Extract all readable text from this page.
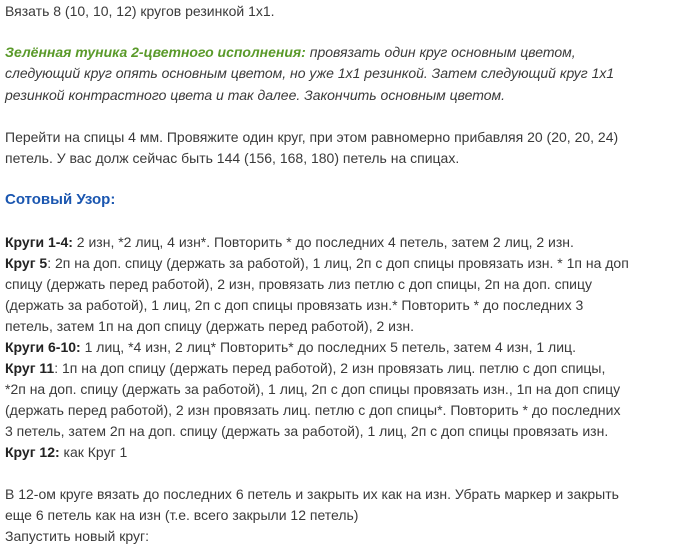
Вязать 8 (10, 10, 12) кругов резинкой 1x1.
Зелённая туника 2-цветного исполнения: провязать один круг основным цветом,
следующий круг опять основным цветом, но уже 1x1 резинкой. Затем следующий круг 1x1
резинкой контрастного цвета и так далее. Закончить основным цветом.
Перейти на спицы 4 мм. Провяжите один круг, при этом равномерно прибавляя 20 (20, 20, 24)
петель. У вас долж сейчас быть 144 (156, 168, 180) петель на спицах.
Сотовый Узор:
Круги 1-4: 2 изн, *2 лиц, 4 изн*. Повторить * до последних 4 петель, затем 2 лиц, 2 изн.
Круг 5: 2п на доп. спицу (держать за работой), 1 лиц, 2п с доп спицы провязать изн. * 1п на доп
спицу (держать перед работой), 2 изн, провязать лиз петлю с доп спицы, 2п на доп. спицу
(держать за работой), 1 лиц, 2п с доп спицы провязать изн.* Повторить * до последних 3
петель, затем 1п на доп спицу (держать перед работой), 2 изн.
Круги 6-10: 1 лиц, *4 изн, 2 лиц* Повторить* до последних 5 петель, затем 4 изн, 1 лиц.
Круг 11: 1п на доп спицу (держать перед работой), 2 изн провязать лиц. петлю с доп спицы,
*2п на доп. спицу (держать за работой), 1 лиц, 2п с доп спицы провязать изн., 1п на доп спицу
(держать перед работой), 2 изн провязать лиц. петлю с доп спицы*. Повторить * до последних
3 петель, затем 2п на доп. спицу (держать за работой), 1 лиц, 2п с доп спицы провязать изн.
Круг 12: как Круг 1
В 12-ом круге вязать до последних 6 петель и закрыть их как на изн. Убрать маркер и закрыть
еще 6 петель как на изн (т.е. всего закрыли 12 петель)
Запустить новый круг:
